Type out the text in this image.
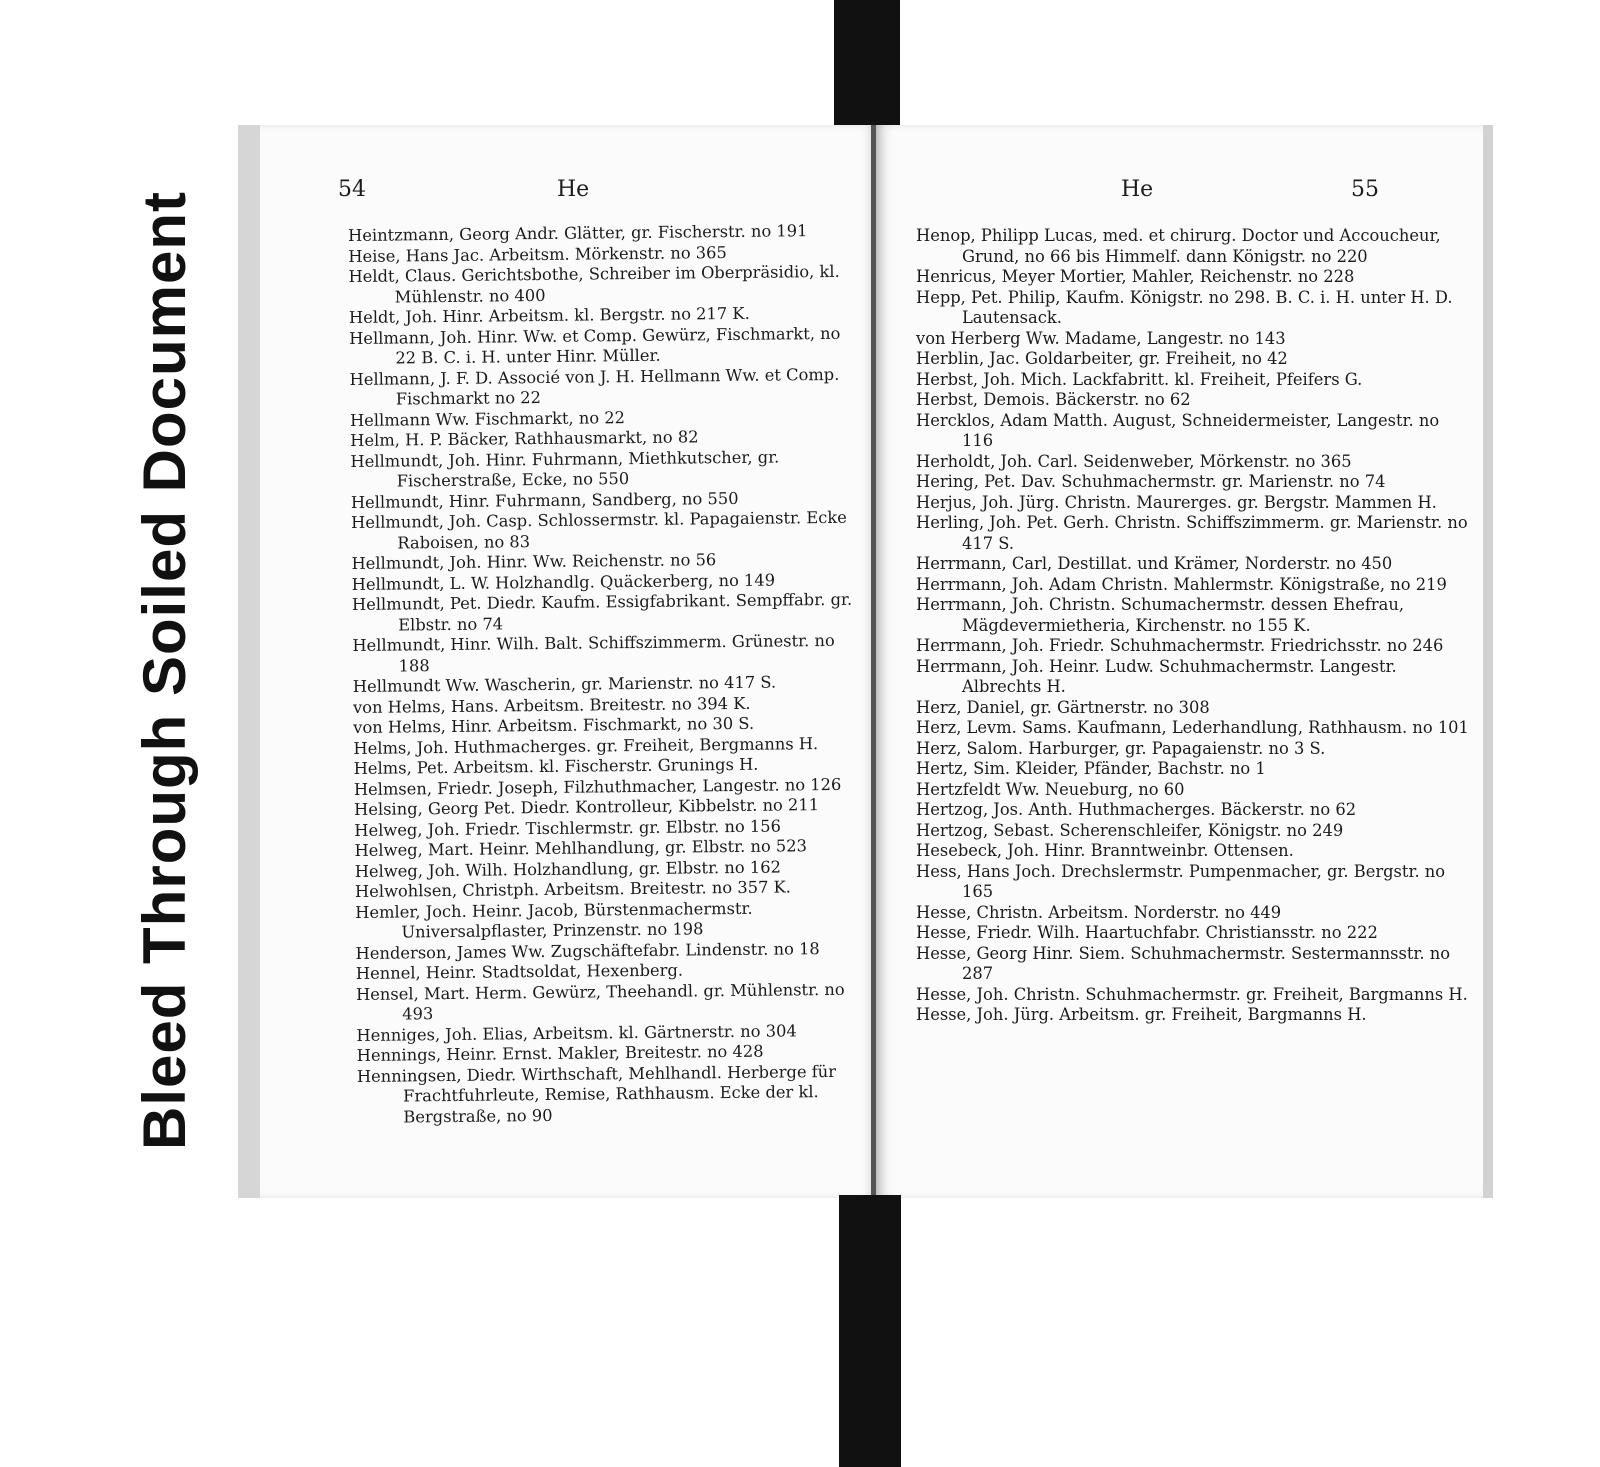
Bleed Through Soiled Document
54	He
Heintzmann, Georg Andr. Glätter, gr. Fischerstr. no 191
Heise, Hans Jac. Arbeitsm. Mörkenstr. no 365
Heldt, Claus. Gerichtsbothe, Schreiber im Oberpräsidio, kl. Mühlenstr. no 400
Heldt, Joh. Hinr. Arbeitsm. kl. Bergstr. no 217 K.
Hellmann, Joh. Hinr. Ww. et Comp. Gewürz, Fischmarkt, no 22 B. C. i. H. unter Hinr. Müller.
Hellmann, J. F. D. Associé von J. H. Hellmann Ww. et Comp. Fischmarkt no 22
Hellmann Ww. Fischmarkt, no 22
Helm, H. P. Bäcker, Rathhausmarkt, no 82
Hellmundt, Joh. Hinr. Fuhrmann, Miethkutscher, gr. Fischerstraße, Ecke, no 550
Hellmundt, Hinr. Fuhrmann, Sandberg, no 550
Hellmundt, Joh. Casp. Schlossermstr. kl. Papagaienstr. Ecke Raboisen, no 83
Hellmundt, Joh. Hinr. Ww. Reichenstr. no 56
Hellmundt, L. W. Holzhandlg. Quäckerberg, no 149
Hellmundt, Pet. Diedr. Kaufm. Essigfabrikant. Sempffabr. gr. Elbstr. no 74
Hellmundt, Hinr. Wilh. Balt. Schiffszimmerm. Grünestr. no 188
Hellmundt Ww. Wascherin, gr. Marienstr. no 417 S.
von Helms, Hans. Arbeitsm. Breitestr. no 394 K.
von Helms, Hinr. Arbeitsm. Fischmarkt, no 30 S.
Helms, Joh. Huthmacherges. gr. Freiheit, Bergmanns H.
Helms, Pet. Arbeitsm. kl. Fischerstr. Grunings H.
Helmsen, Friedr. Joseph, Filzhuthmacher, Langestr. no 126
Helsing, Georg Pet. Diedr. Kontrolleur, Kibbelstr. no 211
Helweg, Joh. Friedr. Tischlermstr. gr. Elbstr. no 156
Helweg, Mart. Heinr. Mehlhandlung, gr. Elbstr. no 523
Helweg, Joh. Wilh. Holzhandlung, gr. Elbstr. no 162
Helwohlsen, Christph. Arbeitsm. Breitestr. no 357 K.
Hemler, Joch. Heinr. Jacob, Bürstenmachermstr. Universalpflaster, Prinzenstr. no 198
Henderson, James Ww. Zugschäftefabr. Lindenstr. no 18
Hennel, Heinr. Stadtsoldat, Hexenberg.
Hensel, Mart. Herm. Gewürz, Theehandl. gr. Mühlenstr. no 493
Henniges, Joh. Elias, Arbeitsm. kl. Gärtnerstr. no 304
Hennings, Heinr. Ernst. Makler, Breitestr. no 428
Henningsen, Diedr. Wirthschaft, Mehlhandl. Herberge für Frachtfuhrleute, Remise, Rathhausm. Ecke der kl. Bergstraße, no 90
He	55
Henop, Philipp Lucas, med. et chirurg. Doctor und Accoucheur, Grund, no 66 bis Himmelf. dann Königstr. no 220
Henricus, Meyer Mortier, Mahler, Reichenstr. no 228
Hepp, Pet. Philip, Kaufm. Königstr. no 298. B. C. i. H. unter H. D. Lautensack.
von Herberg Ww. Madame, Langestr. no 143
Herblin, Jac. Goldarbeiter, gr. Freiheit, no 42
Herbst, Joh. Mich. Lackfabritt. kl. Freiheit, Pfeifers G.
Herbst, Demois. Bäckerstr. no 62
Hercklos, Adam Matth. August, Schneidermeister, Langestr. no 116
Herholdt, Joh. Carl. Seidenweber, Mörkenstr. no 365
Hering, Pet. Dav. Schuhmachermstr. gr. Marienstr. no 74
Herjus, Joh. Jürg. Christn. Maurerges. gr. Bergstr. Mammen H.
Herling, Joh. Pet. Gerh. Christn. Schiffszimmerm. gr. Marienstr. no 417 S.
Herrmann, Carl, Destillat. und Krämer, Norderstr. no 450
Herrmann, Joh. Adam Christn. Mahlermstr. Königstraße, no 219
Herrmann, Joh. Christn. Schumachermstr. dessen Ehefrau, Mägdevermietheria, Kirchenstr. no 155 K.
Herrmann, Joh. Friedr. Schuhmachermstr. Friedrichsstr. no 246
Herrmann, Joh. Heinr. Ludw. Schuhmachermstr. Langestr. Albrechts H.
Herz, Daniel, gr. Gärtnerstr. no 308
Herz, Levm. Sams. Kaufmann, Lederhandlung, Rathhausm. no 101
Herz, Salom. Harburger, gr. Papagaienstr. no 3 S.
Hertz, Sim. Kleider, Pfänder, Bachstr. no 1
Hertzfeldt Ww. Neueburg, no 60
Hertzog, Jos. Anth. Huthmacherges. Bäckerstr. no 62
Hertzog, Sebast. Scherenschleifer, Königstr. no 249
Hesebeck, Joh. Hinr. Branntweinbr. Ottensen.
Hess, Hans Joch. Drechslermstr. Pumpenmacher, gr. Bergstr. no 165
Hesse, Christn. Arbeitsm. Norderstr. no 449
Hesse, Friedr. Wilh. Haartuchfabr. Christiansstr. no 222
Hesse, Georg Hinr. Siem. Schuhmachermstr. Sestermannsstr. no 287
Hesse, Joh. Christn. Schuhmachermstr. gr. Freiheit, Bargmanns H.
Hesse, Joh. Jürg. Arbeitsm. gr. Freiheit, Bargmanns H.
